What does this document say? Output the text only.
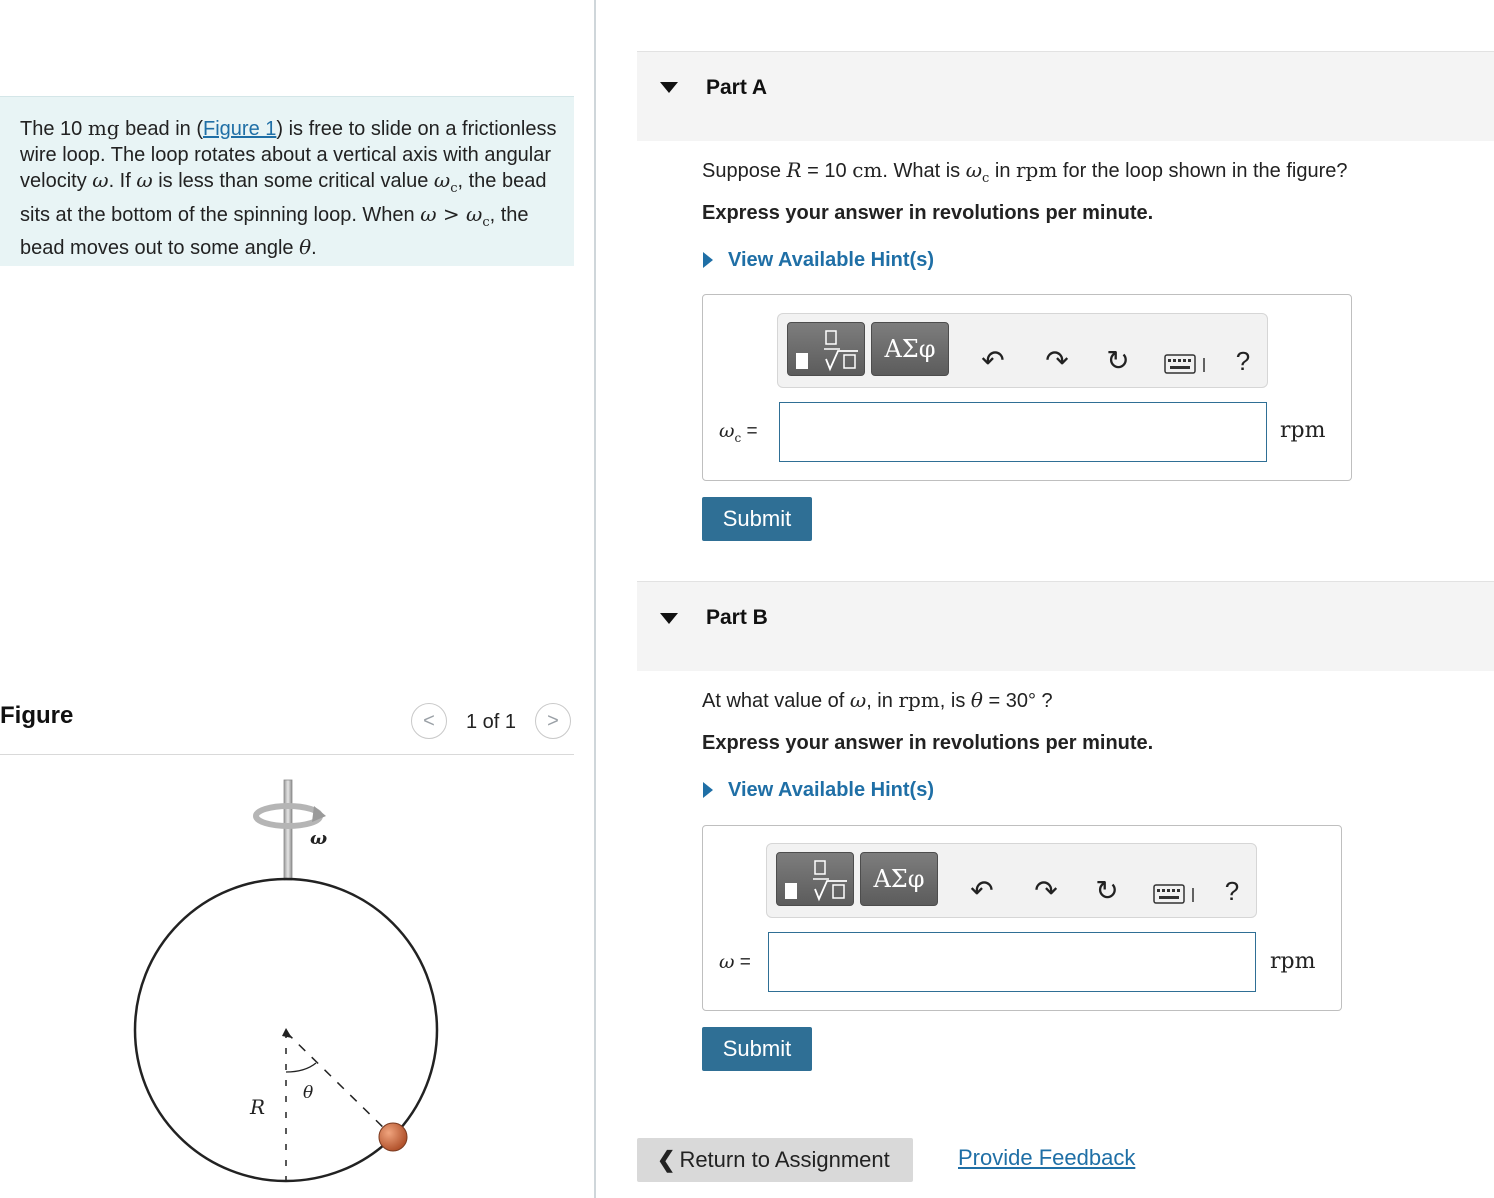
The 10 mg bead in (Figure 1) is free to slide on a frictionless wire loop. The loop rotates about a vertical axis with angular velocity ω. If ω is less than some critical value $\omega_c$, the bead sits at the bottom of the spinning loop. When $\omega > \omega_c$, the bead moves out to some angle θ.
Figure	<	1 of 1	>
ω
θ
R
Part A
Suppose R = 10 cm. What is $\omega_c$ in rpm for the loop shown in the figure?
Express your answer in revolutions per minute.
View Available Hint(s)
ΑΣφ	↶ ↷ ↻	?
$\omega_c$ =	rpm
Submit
Part B
At what value of ω, in rpm, is θ = 30° ?
Express your answer in revolutions per minute.
View Available Hint(s)
ΑΣφ	↶ ↷ ↻	?
ω =	rpm
Submit
❮ Return to Assignment	Provide Feedback
